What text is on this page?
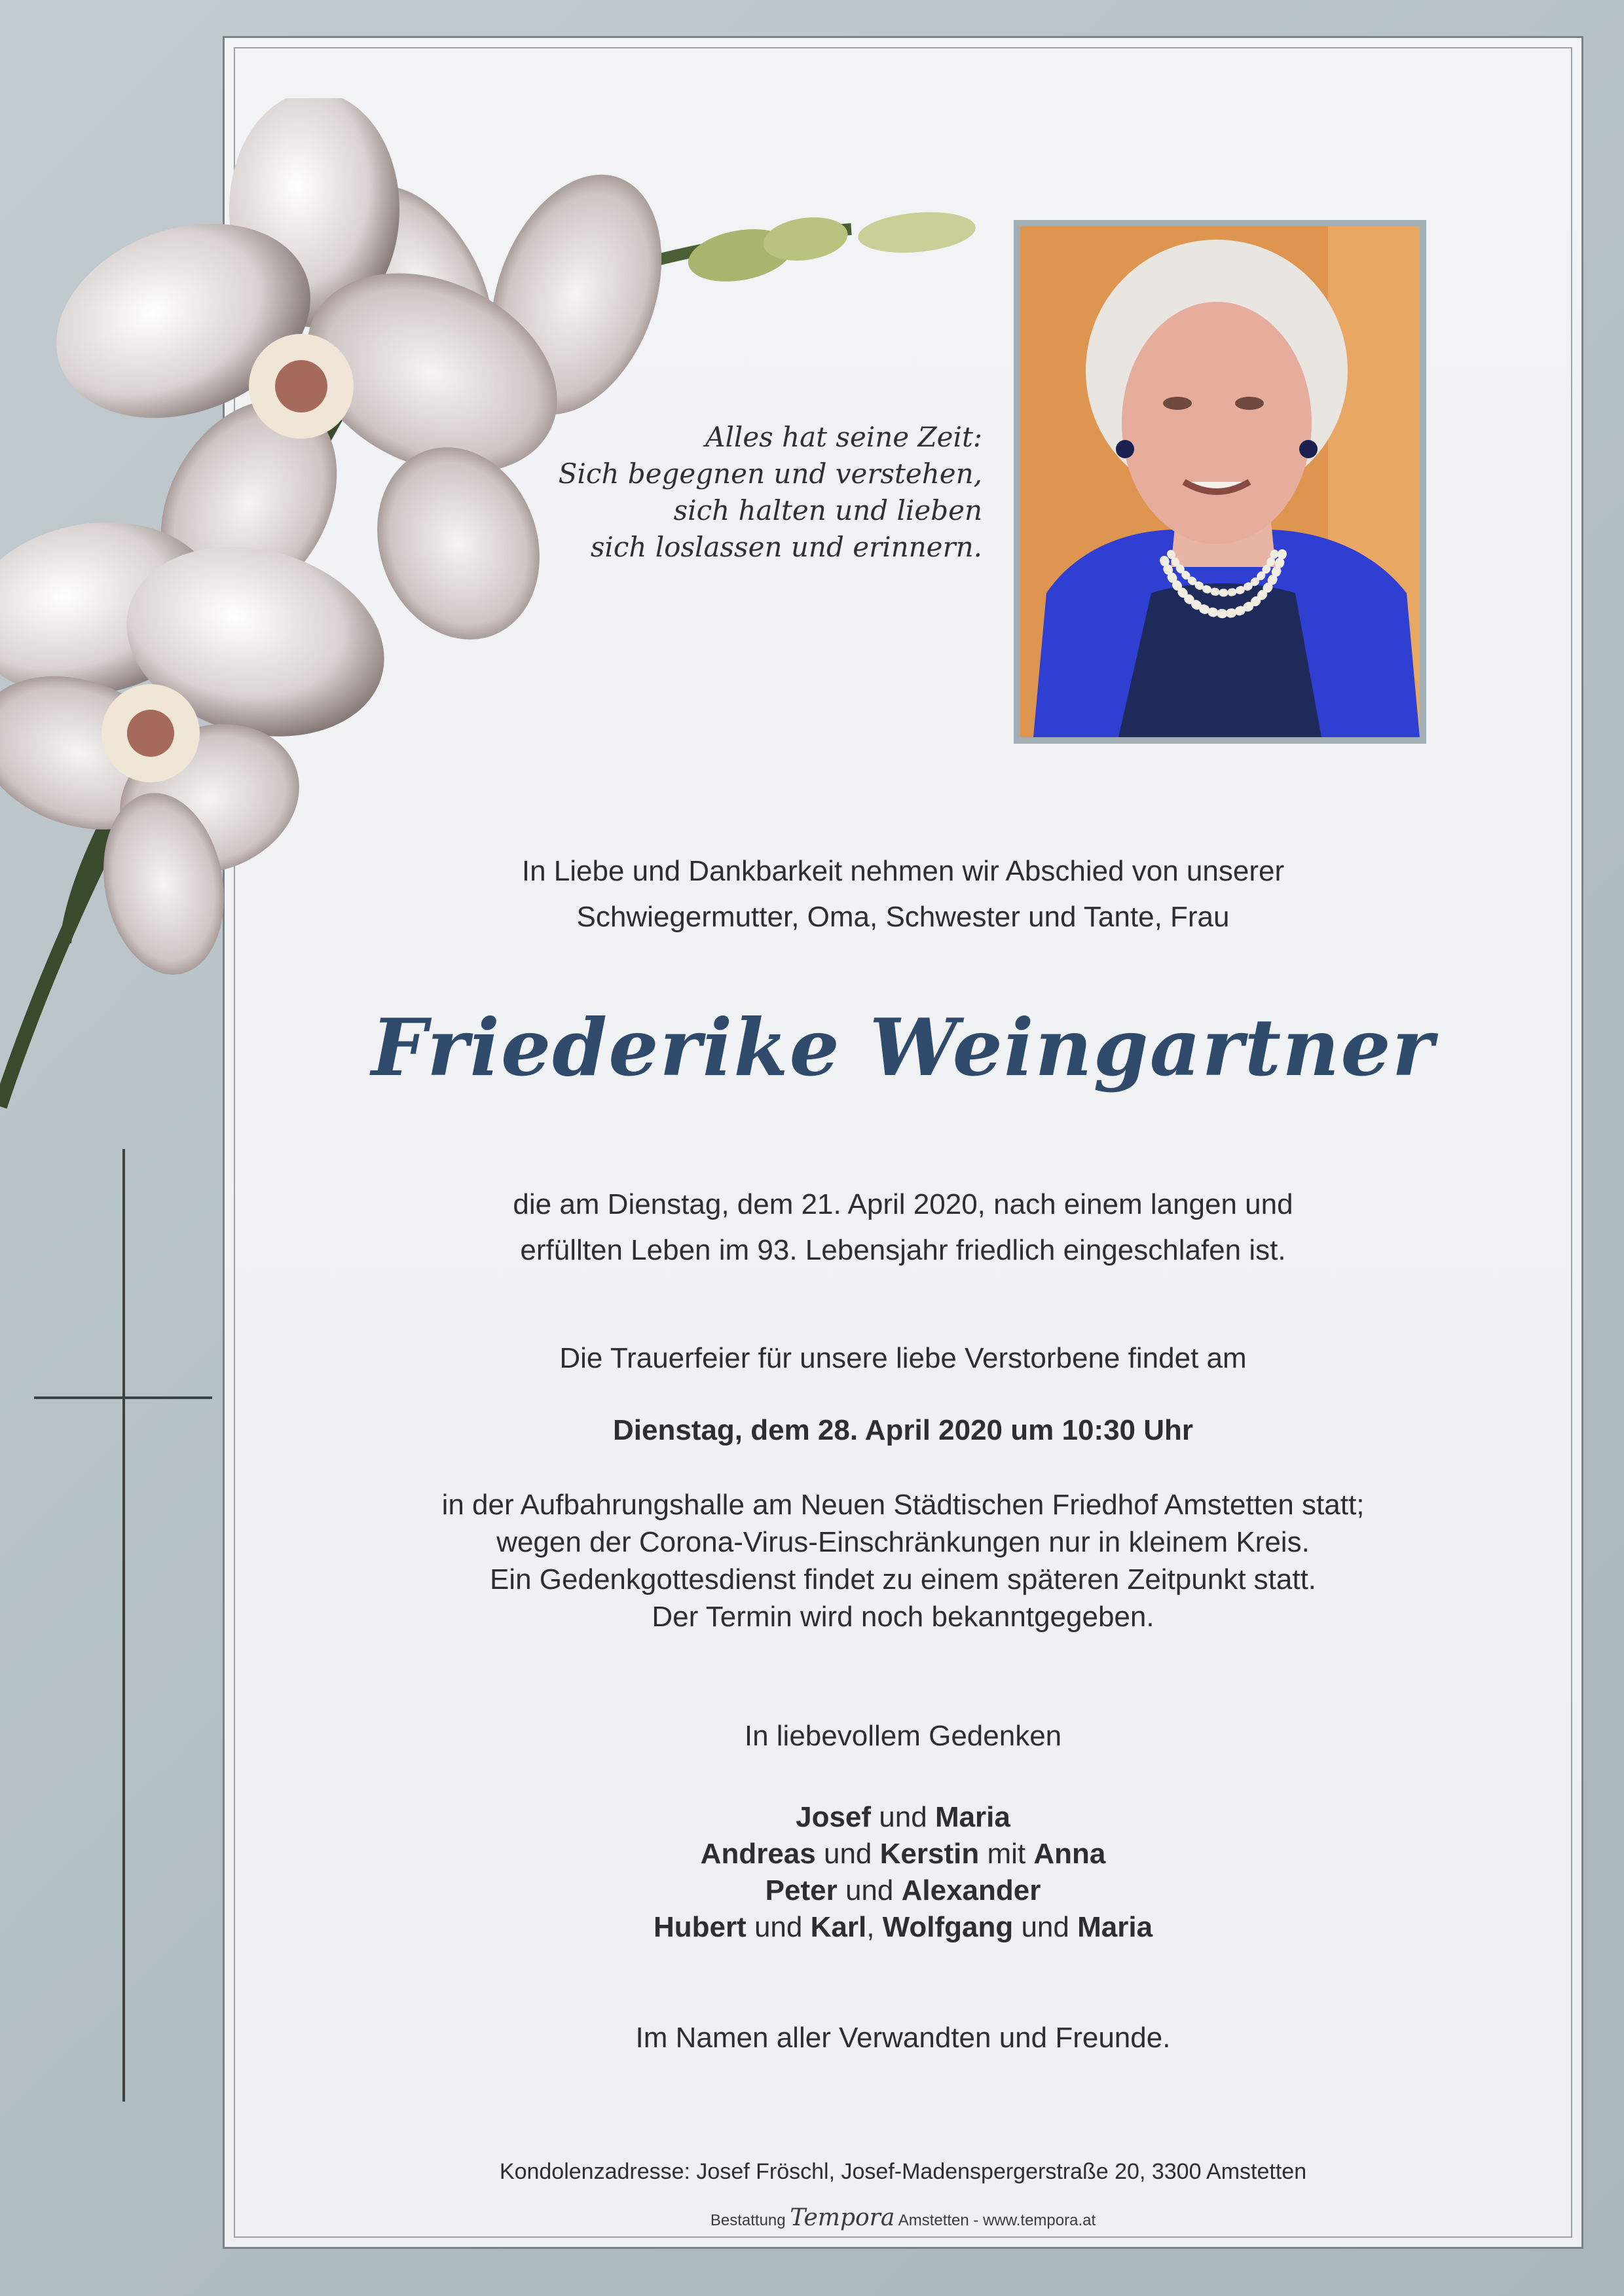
Alles hat seine Zeit:
Sich begegnen und verstehen,
sich halten und lieben
sich loslassen und erinnern.
In Liebe und Dankbarkeit nehmen wir Abschied von unserer
Schwiegermutter, Oma, Schwester und Tante, Frau
Friederike Weingartner
die am Dienstag, dem 21. April 2020, nach einem langen und
erfüllten Leben im 93. Lebensjahr friedlich eingeschlafen ist.
Die Trauerfeier für unsere liebe Verstorbene findet am
Dienstag, dem 28. April 2020 um 10:30 Uhr
in der Aufbahrungshalle am Neuen Städtischen Friedhof Amstetten statt;
wegen der Corona-Virus-Einschränkungen nur in kleinem Kreis.
Ein Gedenkgottesdienst findet zu einem späteren Zeitpunkt statt.
Der Termin wird noch bekanntgegeben.
In liebevollem Gedenken
Josef und Maria
Andreas und Kerstin mit Anna
Peter und Alexander
Hubert und Karl, Wolfgang und Maria
Im Namen aller Verwandten und Freunde.
Kondolenzadresse: Josef Fröschl, Josef-Madenspergerstraße 20, 3300 Amstetten
Bestattung Tempora Amstetten - www.tempora.at
